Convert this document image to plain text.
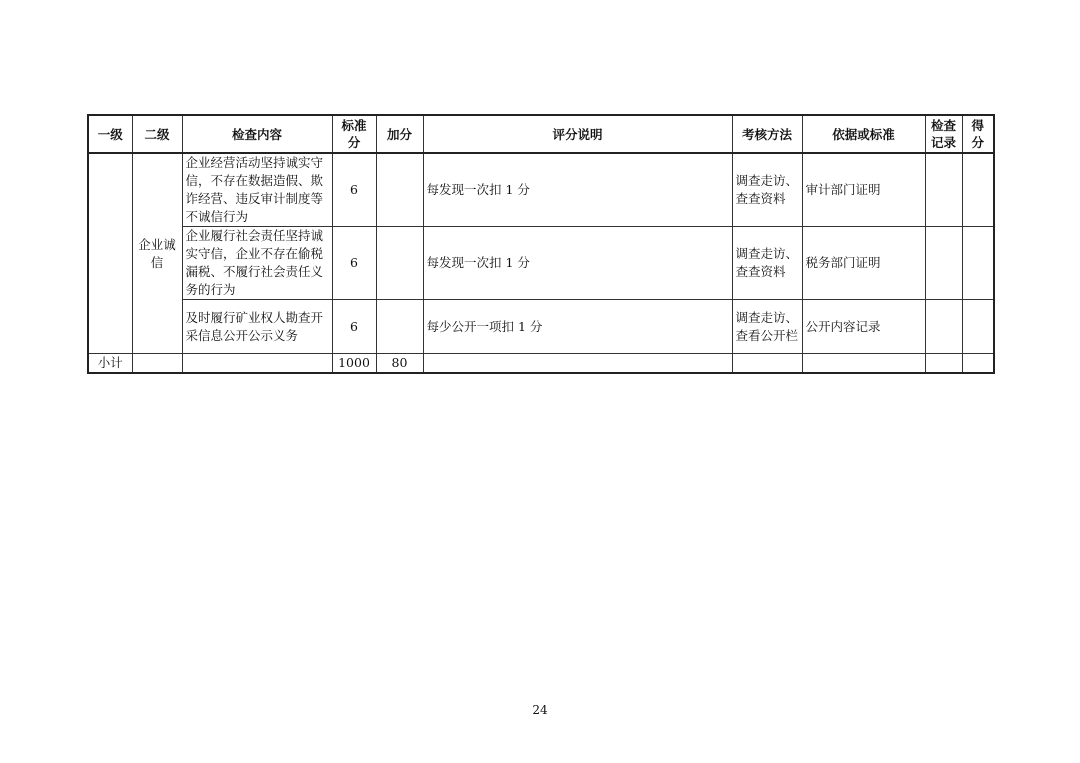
一级	二级	检查内容	标准分	加分	评分说明	考核方法	依据或标准	检查记录	得分
	企业诚信	企业经营活动坚持诚实守信，不存在数据造假、欺诈经营、违反审计制度等不诚信行为	6		每发现一次扣 1 分	调查走访、查查资料	审计部门证明		
		企业履行社会责任坚持诚实守信，企业不存在偷税漏税、不履行社会责任义务的行为	6		每发现一次扣 1 分	调查走访、查查资料	税务部门证明		
		及时履行矿业权人勘查开采信息公开公示义务	6		每少公开一项扣 1 分	调查走访、查看公开栏	公开内容记录		
小计			1000	80					
24
